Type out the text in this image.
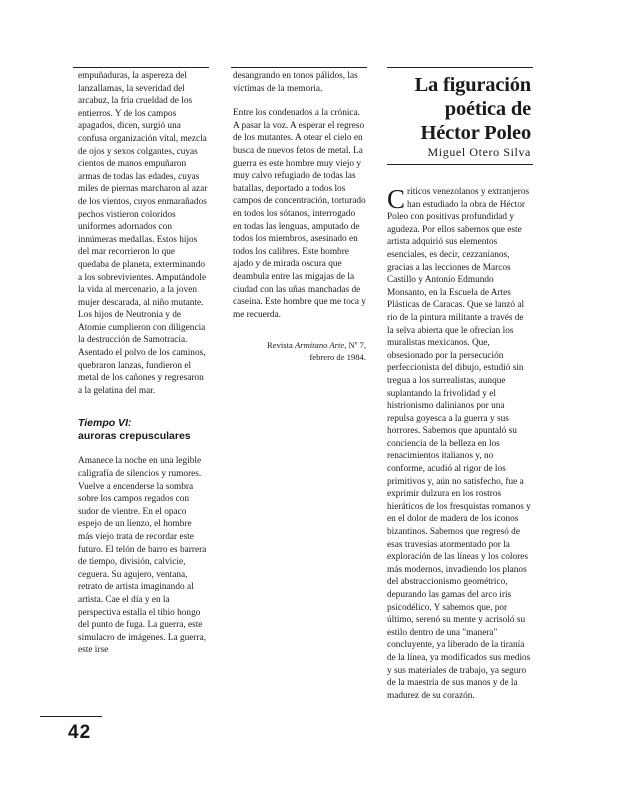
empuñaduras, la aspereza del lanzallamas, la severidad del arcabuz, la fría crueldad de los entierros. Y de los campos apagados, dicen, surgió una confusa organización vital, mezcla de ojos y sexos colgantes, cuyas cientos de manos empuñaron armas de todas las edades, cuyas miles de piernas marcharon al azar de los vientos, cuyos enmarañados pechos vistieron coloridos uniformes adornados con innúmeras medallas. Estos hijos del mar recorrieron lo que quedaba de planeta, exterminando a los sobrevivientes. Amputándole la vida al mercenario, a la joven mujer descarada, al niño mutante. Los hijos de Neutronia y de Atomie cumplieron con diligencia la destrucción de Samotracia. Asentado el polvo de los caminos, quebraron lanzas, fundieron el metal de los cañones y regresaron a la gelatina del mar.

Tiempo VI:
auroras crepusculares

Amanece la noche en una legible caligrafía de silencios y rumores. Vuelve a encenderse la sombra sobre los campos regados con sudor de vientre. En el opaco espejo de un lienzo, el hombre más viejo trata de recordar este futuro. El telón de barro es barrera de tiempo, división, calvicie, ceguera. Su agujero, ventana, retrato de artista imaginando al artista. Cae el día y en la perspectiva estalla el tibio hongo del punto de fuga. La guerra, este simulacro de imágenes. La guerra, este irse

desangrando en tonos pálidos, las víctimas de la memoria.

Entre los condenados a la crónica. A pasar la voz. A esperar el regreso de los mutantes. A otear el cielo en busca de nuevos fetos de metal. La guerra es este hombre muy viejo y muy calvo refugiado de todas las batallas, deportado a todos los campos de concentración, torturado en todos los sótanos, interrogado en todas las lenguas, amputado de todos los miembros, asesinado en todos los calibres. Este hombre ajado y de mirada oscura que deambula entre las migajas de la ciudad con las uñas manchadas de caseína. Este hombre que me toca y me recuerda.

Revista Armitano Arte, Nº 7,
febrero de 1984.
La figuración
poética de
Héctor Poleo
Miguel Otero Silva
Críticos venezolanos y extranjeros han estudiado la obra de Héctor Poleo con positivas profundidad y agudeza. Por ellos sabemos que este artista adquirió sus elementos esenciales, es decir, cezzanianos, gracias a las lecciones de Marcos Castillo y Antonio Edmundo Monsanto, en la Escuela de Artes Plásticas de Caracas. Que se lanzó al río de la pintura militante a través de la selva abierta que le ofrecían los muralistas mexicanos. Que, obsesionado por la persecución perfeccionista del dibujo, estudió sin tregua a los surrealistas, aunque suplantando la frivolidad y el histrionismo dalinianos por una repulsa goyesca a la guerra y sus horrores. Sabemos que apuntaló su conciencia de la belleza en los renacimientos italianos y, no conforme, acudió al rigor de los primitivos y, aún no satisfecho, fue a exprimir dulzura en los rostros hieráticos de los fresquistas romanos y en el dolor de madera de los iconos bizantinos. Sabemos que regresó de esas travesías atormentado por la exploración de las líneas y los colores más modernos, invadiendo los planos del abstraccionismo geométrico, depurando las gamas del arco iris psicodélico. Y sabemos que, por último, serenó su mente y acrisoló su estilo dentro de una "manera" concluyente, ya liberado de la tiranía de la línea, ya modificados sus medios y sus materiales de trabajo, ya seguro de la maestría de sus manos y de la madurez de su corazón.
42
